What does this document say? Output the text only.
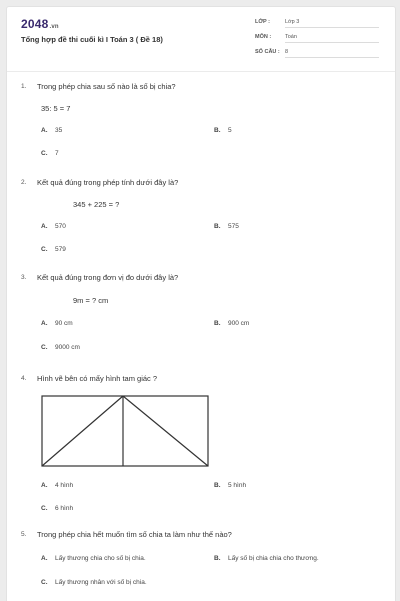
2048.vn
Tổng hợp đề thi cuối kì I Toán 3 ( Đề 18)
LỚP :	Lớp 3
MÔN :	Toán
SỐ CÂU : 8
1. Trong phép chia sau số nào là số bị chia?
35: 5 = 7
A. 35	B. 5
C. 7
2. Kết quả đúng trong phép tính dưới đây là?
345 + 225 = ?
A. 570	B. 575
C. 579
3. Kết quả đúng trong đơn vị đo dưới đây là?
9m = ? cm
A. 90 cm	B. 900 cm
C. 9000 cm
4. Hình vẽ bên có mấy hình tam giác ?
A. 4 hình	B. 5 hình
C. 6 hình
5. Trong phép chia hết muốn tìm số chia ta làm như thế nào?
A. Lấy thương chia cho số bị chia.	B. Lấy số bị chia chia cho thương.
C. Lấy thương nhân với số bị chia.
